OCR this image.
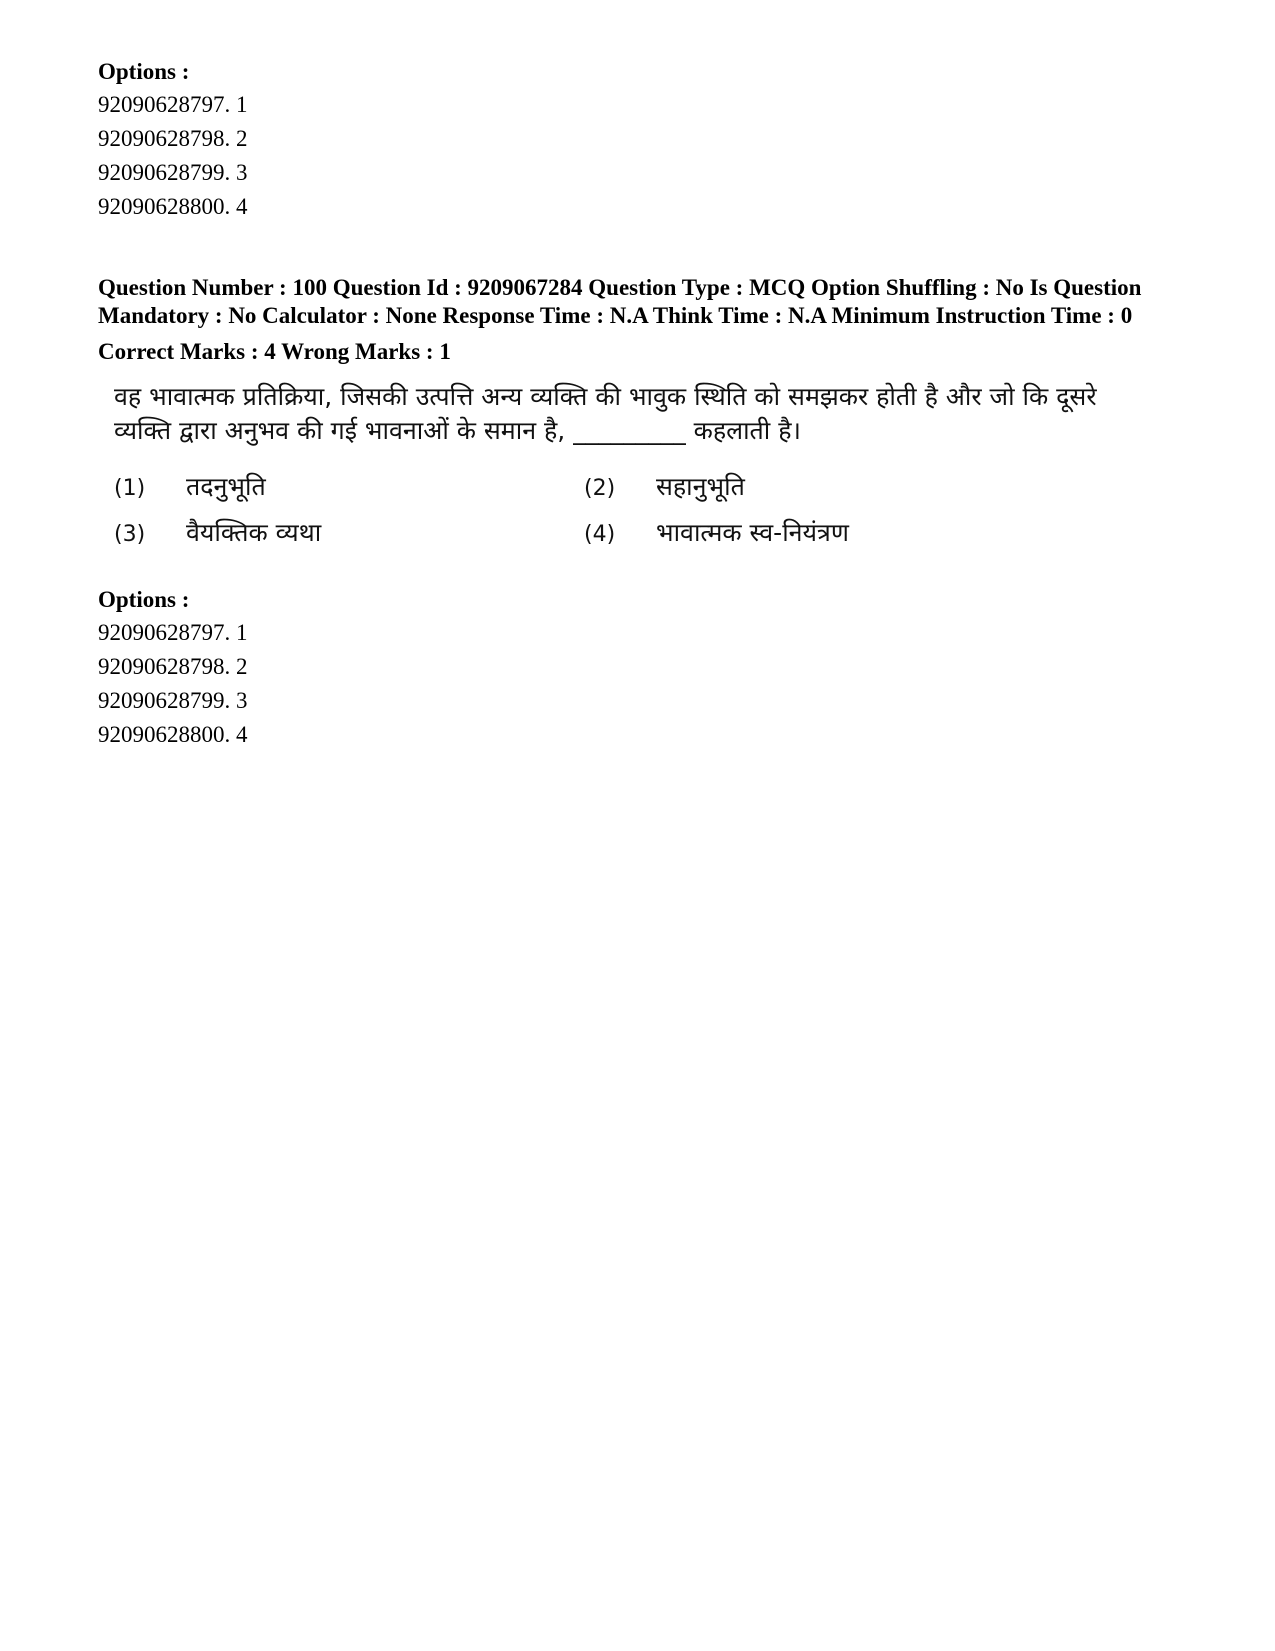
Options :

92090628797. 1

92090628798. 2

92090628799. 3

92090628800. 4

Question Number : 100 Question Id : 9209067284 Question Type : MCQ Option Shuffling : No Is Question Mandatory : No Calculator : None Response Time : N.A Think Time : N.A Minimum Instruction Time : 0

Correct Marks : 4 Wrong Marks : 1

वह भावात्मक प्रतिक्रिया, जिसकी उत्पत्ति अन्य व्यक्ति की भावुक स्थिति को समझकर होती है और जो कि दूसरे व्यक्ति द्वारा अनुभव की गई भावनाओं के समान है, _________ कहलाती है।

(1)	तदनुभूति	(2)	सहानुभूति
(3)	वैयक्तिक व्यथा	(4)	भावात्मक स्व-नियंत्रण

Options :

92090628797. 1

92090628798. 2

92090628799. 3

92090628800. 4
